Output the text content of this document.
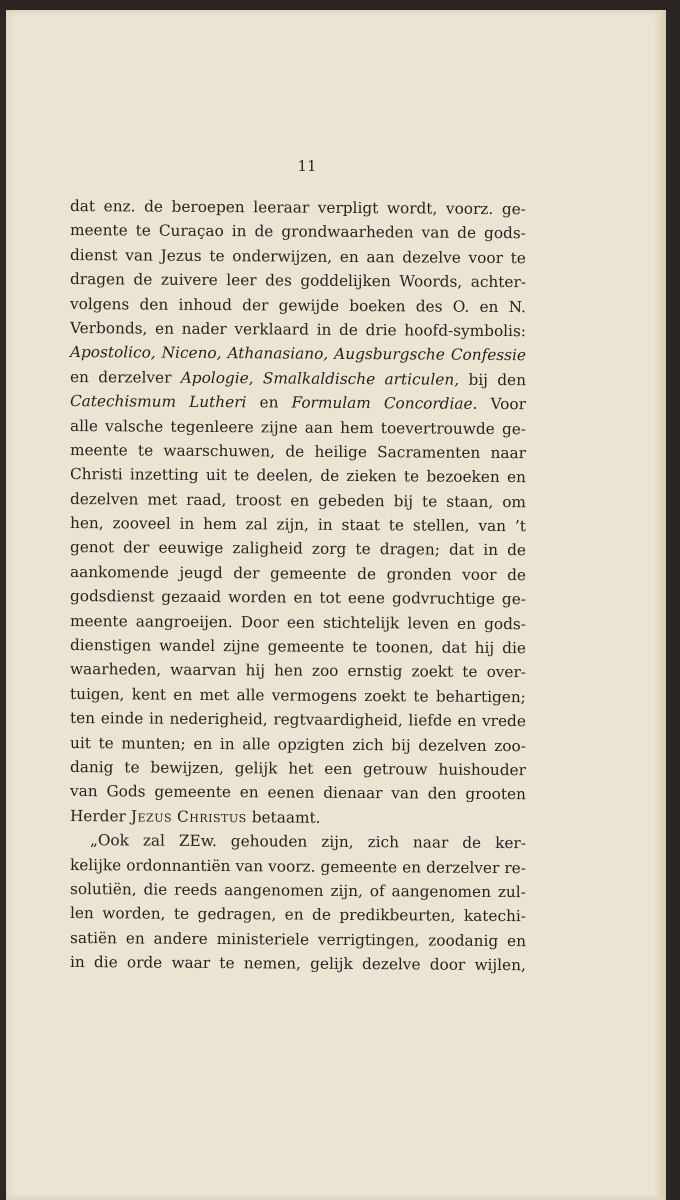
11
dat enz. de beroepen leeraar verpligt wordt, voorz. ge-
meente te Curaçao in de grondwaarheden van de gods-
dienst van Jezus te onderwijzen, en aan dezelve voor te
dragen de zuivere leer des goddelijken Woords, achter-
volgens den inhoud der gewijde boeken des O. en N.
Verbonds, en nader verklaard in de drie hoofd-symbolis:
Apostolico, Niceno, Athanasiano, Augsburgsche Confessie
en derzelver Apologie, Smalkaldische articulen, bij den
Catechismum Lutheri en Formulam Concordiae. Voor
alle valsche tegenleere zijne aan hem toevertrouwde ge-
meente te waarschuwen, de heilige Sacramenten naar
Christi inzetting uit te deelen, de zieken te bezoeken en
dezelven met raad, troost en gebeden bij te staan, om
hen, zooveel in hem zal zijn, in staat te stellen, van ’t
genot der eeuwige zaligheid zorg te dragen; dat in de
aankomende jeugd der gemeente de gronden voor de
godsdienst gezaaid worden en tot eene godvruchtige ge-
meente aangroeijen. Door een stichtelijk leven en gods-
dienstigen wandel zijne gemeente te toonen, dat hij die
waarheden, waarvan hij hen zoo ernstig zoekt te over-
tuigen, kent en met alle vermogens zoekt te behartigen;
ten einde in nederigheid, regtvaardigheid, liefde en vrede
uit te munten; en in alle opzigten zich bij dezelven zoo-
danig te bewijzen, gelijk het een getrouw huishouder
van Gods gemeente en eenen dienaar van den grooten
Herder Jezus Christus betaamt.
„Ook zal ZEw. gehouden zijn, zich naar de ker-
kelijke ordonnantiën van voorz. gemeente en derzelver re-
solutiën, die reeds aangenomen zijn, of aangenomen zul-
len worden, te gedragen, en de predikbeurten, katechi-
satiën en andere ministeriele verrigtingen, zoodanig en
in die orde waar te nemen, gelijk dezelve door wijlen,
